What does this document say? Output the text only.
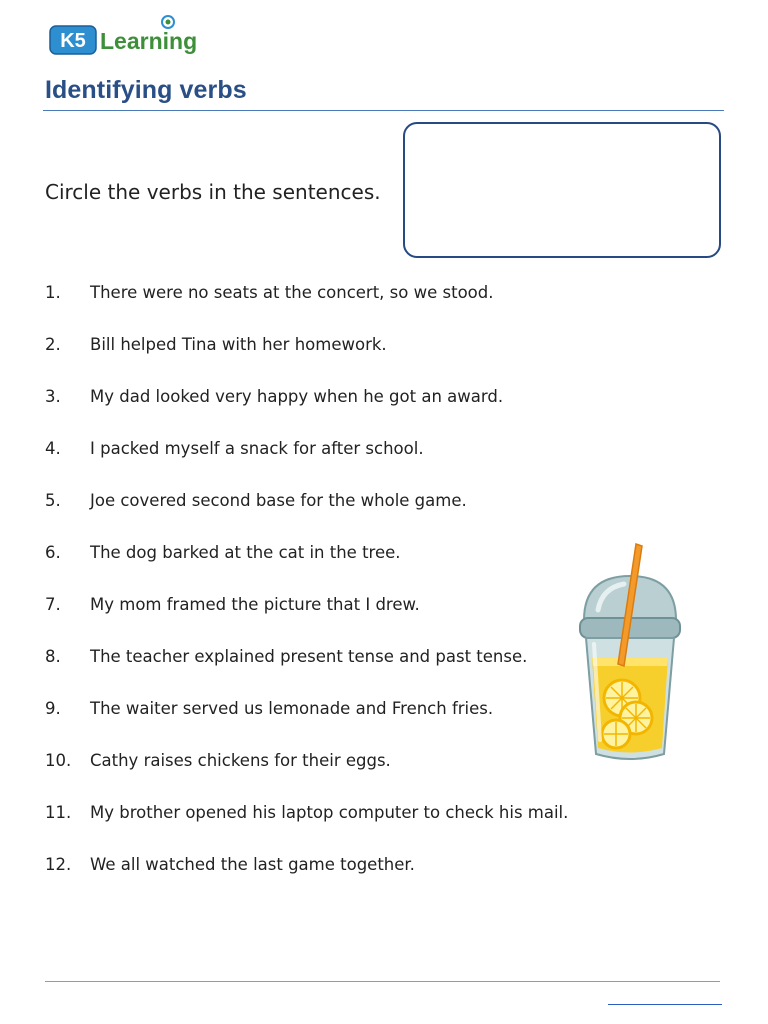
K5 Learning
Identifying verbs
Circle the verbs in the sentences.
1. There were no seats at the concert, so we stood.
2. Bill helped Tina with her homework.
3. My dad looked very happy when he got an award.
4. I packed myself a snack for after school.
5. Joe covered second base for the whole game.
6. The dog barked at the cat in the tree.
7. My mom framed the picture that I drew.
8. The teacher explained present tense and past tense.
9. The waiter served us lemonade and French fries.
10. Cathy raises chickens for their eggs.
11. My brother opened his laptop computer to check his mail.
12. We all watched the last game together.
